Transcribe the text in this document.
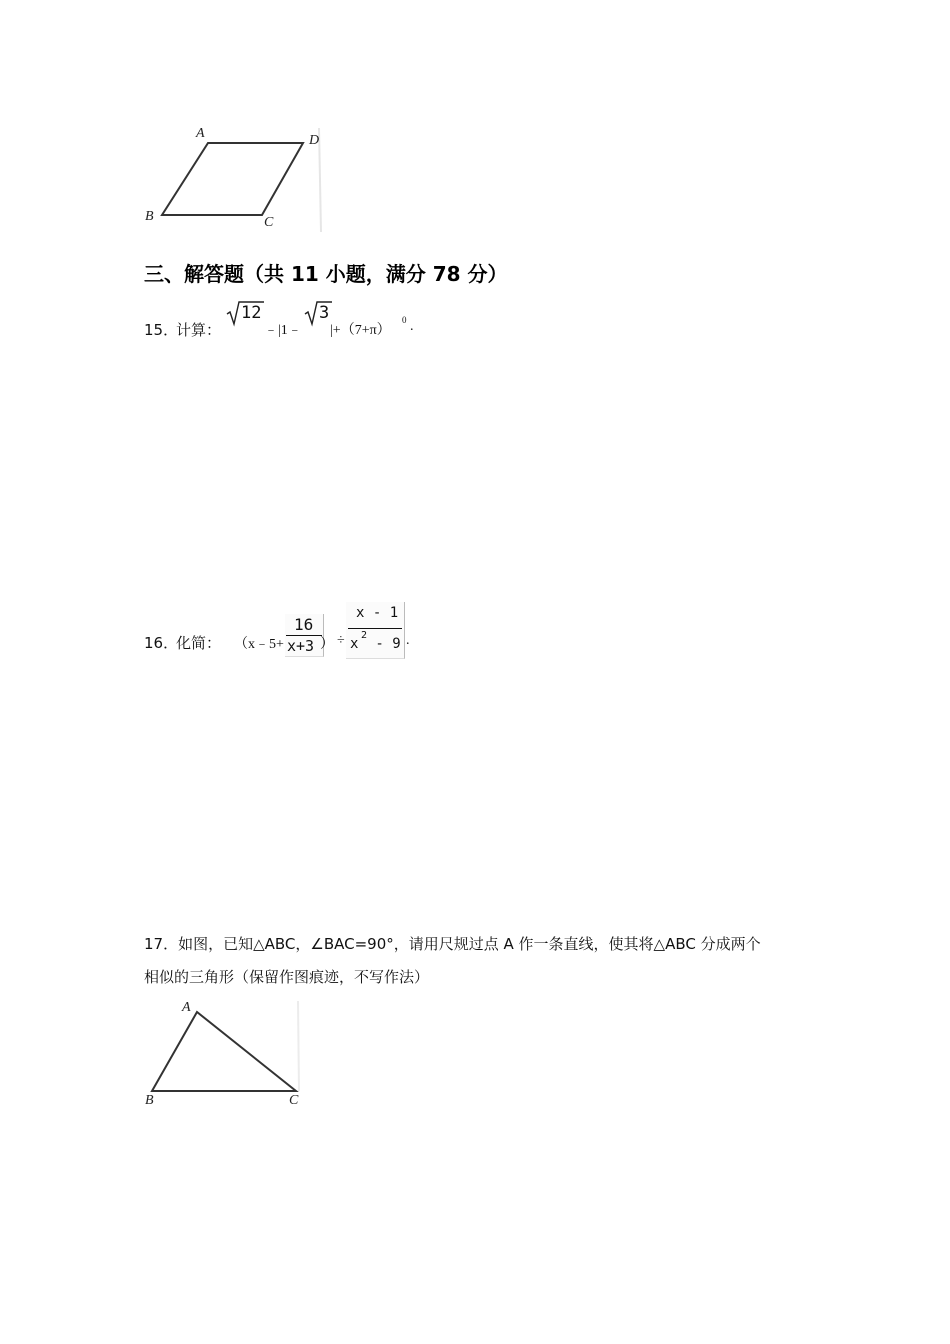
A	D
B	C
三、解答题（共 11 小题，满分 78 分）
15．
计算：
12
﹣|1﹣
3
|+（7+π）
0 .
16．
化简： （x﹣5+
16
x+3 ） ÷
x - 1
x
2
- 9 .
17．如图，已知△ABC，∠BAC=90°，请用尺规过点 A 作一条直线，使其将△ABC 分成两个
相似的三角形（保留作图痕迹，不写作法）
A
B	C
